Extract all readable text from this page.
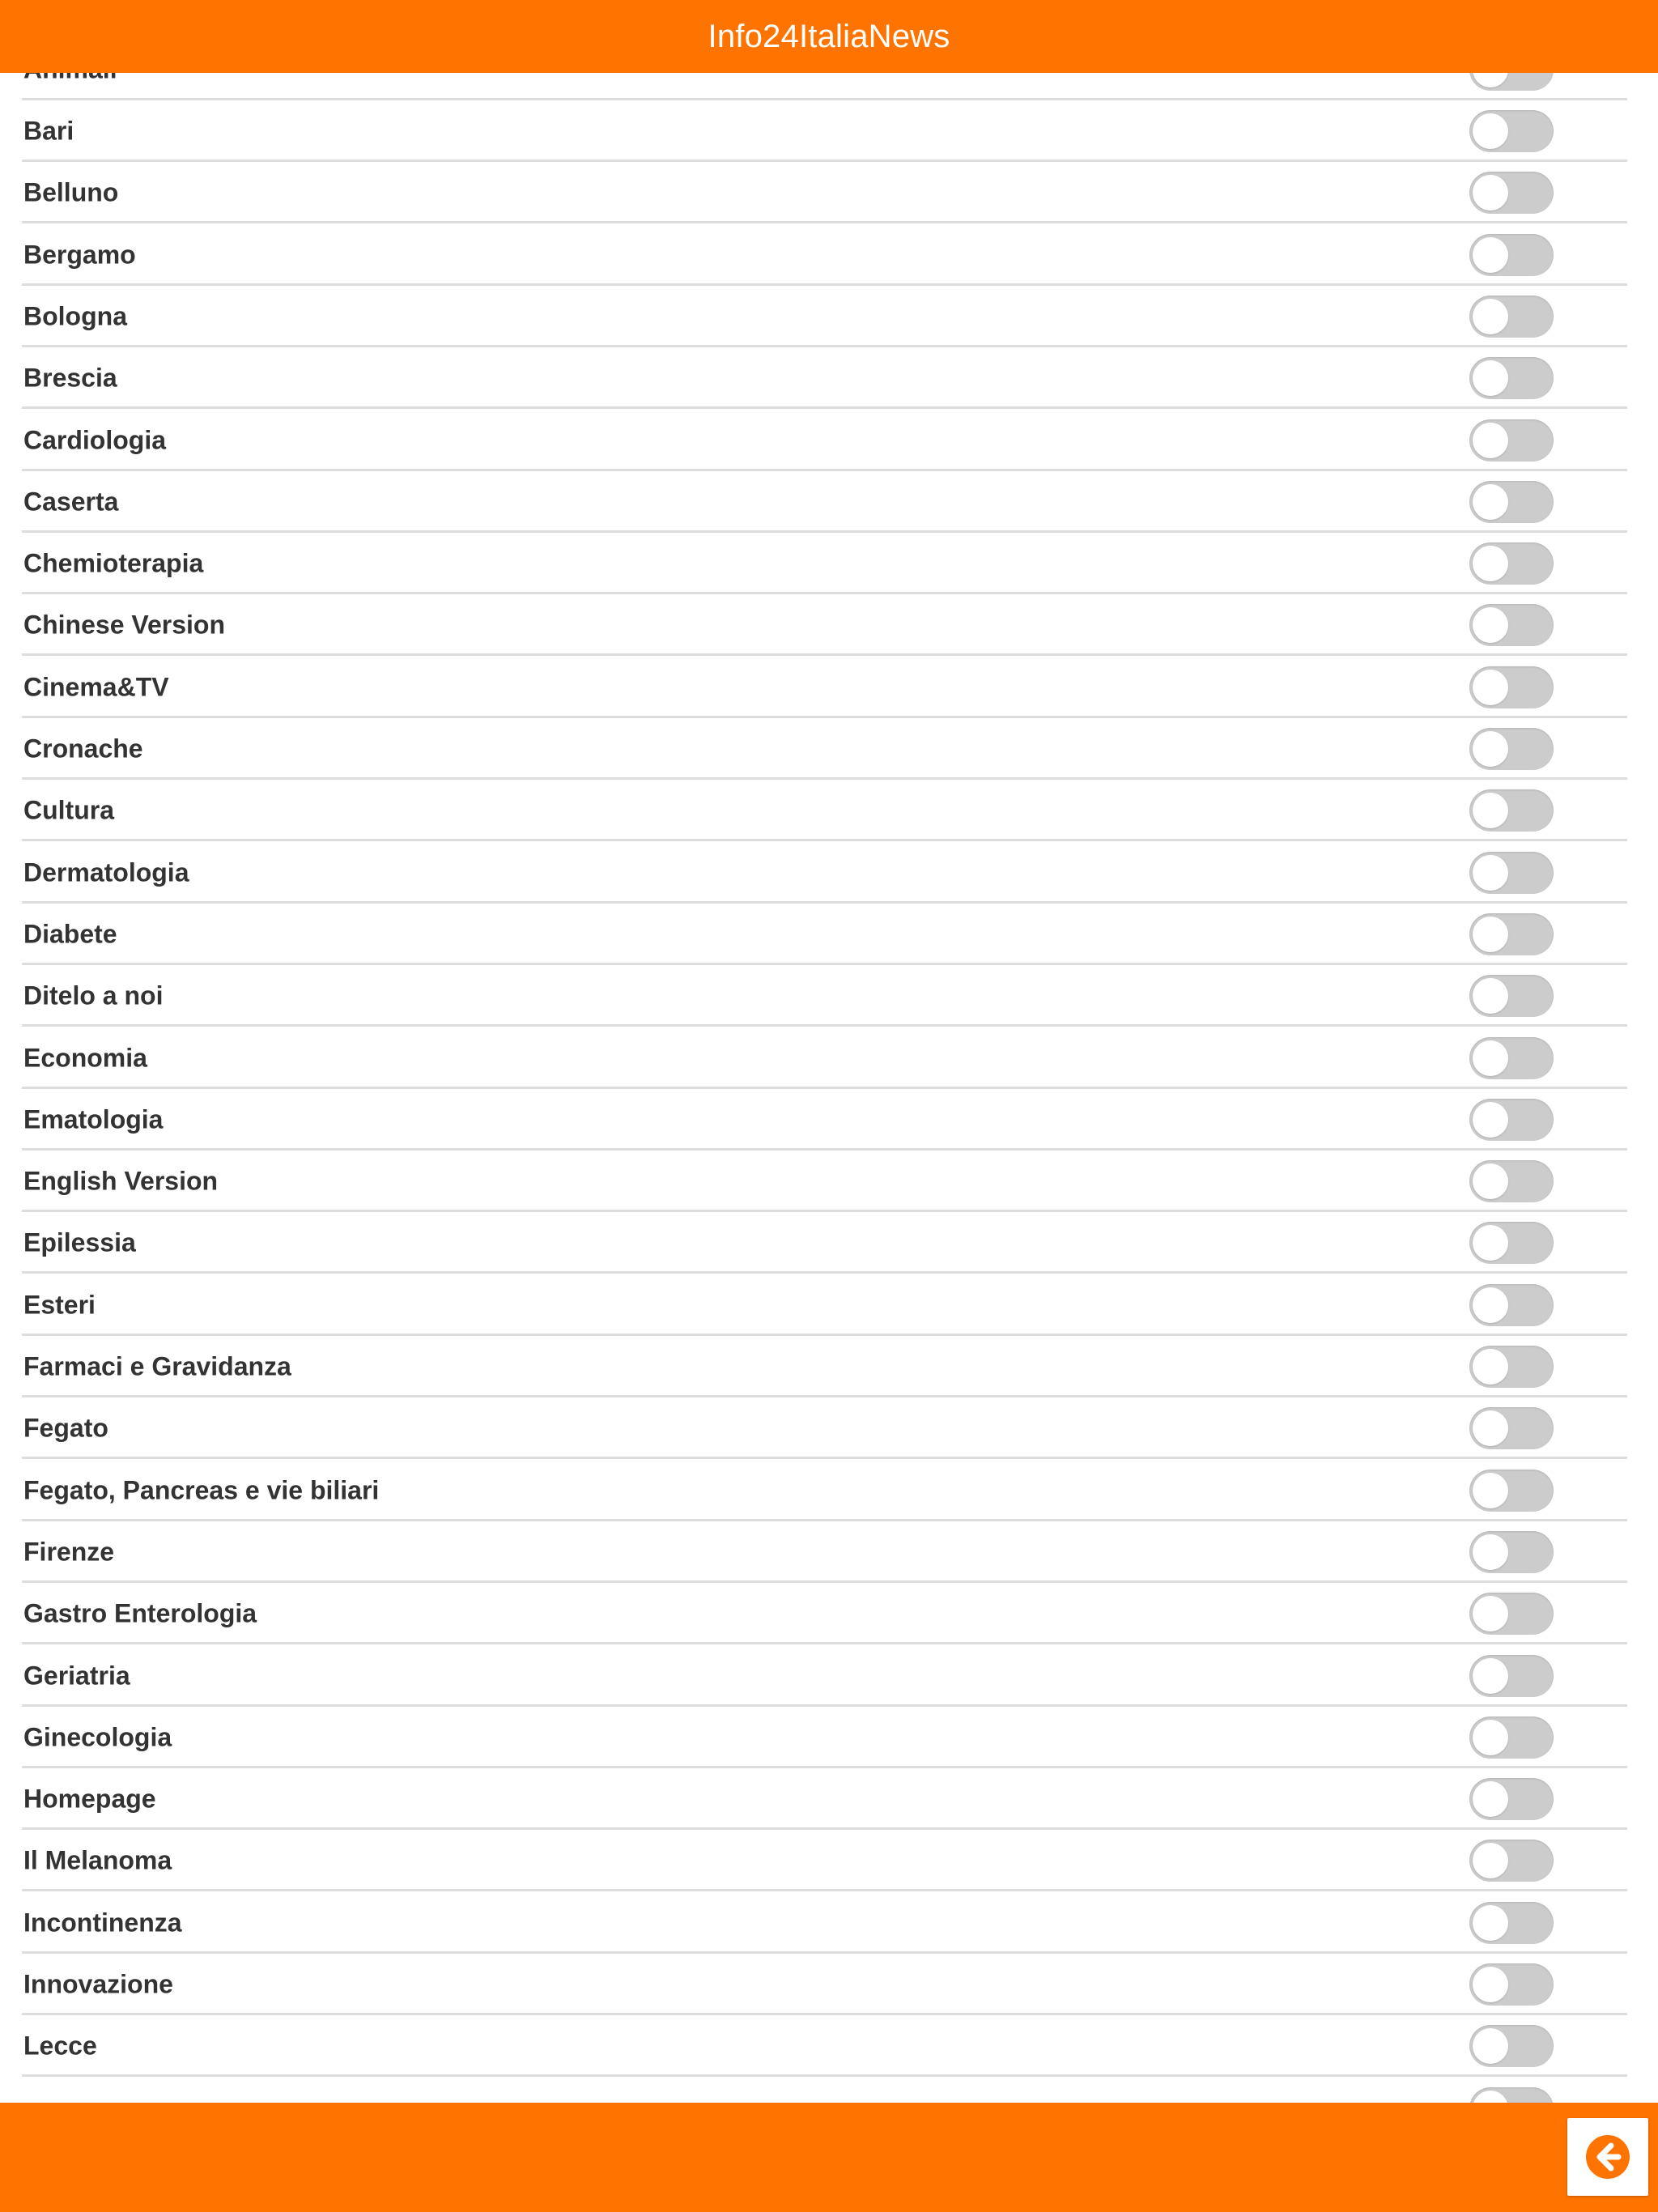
Info24ItaliaNews
Bari
Belluno
Bergamo
Bologna
Brescia
Cardiologia
Caserta
Chemioterapia
Chinese Version
Cinema&TV
Cronache
Cultura
Dermatologia
Diabete
Ditelo a noi
Economia
Ematologia
English Version
Epilessia
Esteri
Farmaci e Gravidanza
Fegato
Fegato, Pancreas e vie biliari
Firenze
Gastro Enterologia
Geriatria
Ginecologia
Homepage
Il Melanoma
Incontinenza
Innovazione
Lecce
